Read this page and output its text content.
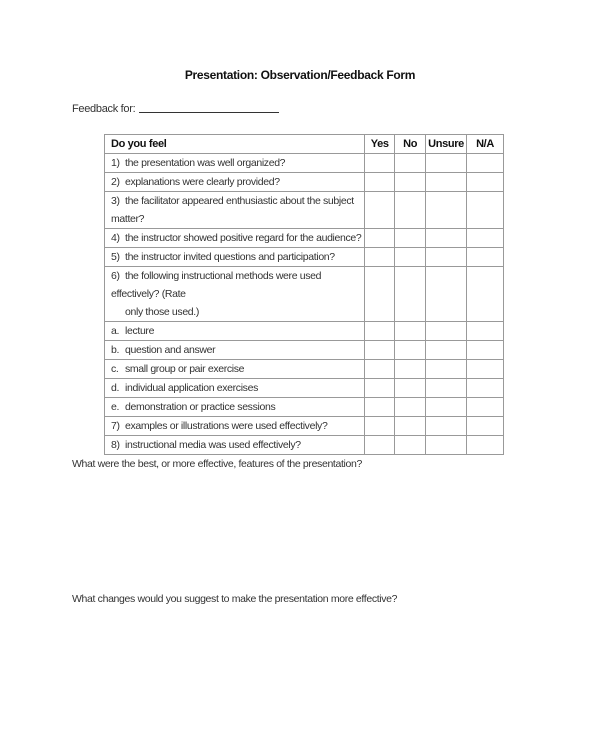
Presentation: Observation/Feedback Form
Feedback for:
Do you feel	Yes	No	Unsure	N/A
1) the presentation was well organized?				
2) explanations were clearly provided?				
3) the facilitator appeared enthusiastic about the subject matter?				
4) the instructor showed positive regard for the audience?				
5) the instructor invited questions and participation?				
6) the following instructional methods were used effectively? (Rate
only those used.)				

a. lecture				
b. question and answer				
c. small group or pair exercise				
d. individual application exercises				
e. demonstration or practice sessions				
7) examples or illustrations were used effectively?				
8) instructional media was used effectively?				
What were the best, or more effective, features of the presentation?
What changes would you suggest to make the presentation more effective?
